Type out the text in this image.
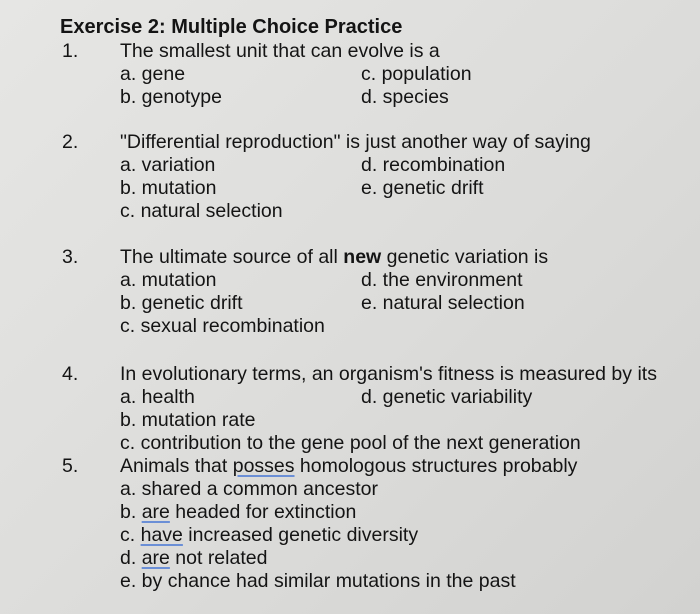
Exercise 2: Multiple Choice Practice
1. The smallest unit that can evolve is a
a. gene
b. genotype
c. population
d. species
2. "Differential reproduction" is just another way of saying
a. variation
b. mutation
c. natural selection
d. recombination
e. genetic drift
3. The ultimate source of all new genetic variation is
a. mutation
b. genetic drift
c. sexual recombination
d. the environment
e. natural selection
4. In evolutionary terms, an organism's fitness is measured by its
a. health	d. genetic variability
b. mutation rate
c. contribution to the gene pool of the next generation
5. Animals that posses homologous structures probably
a. shared a common ancestor
b. are headed for extinction
c. have increased genetic diversity
d. are not related
e. by chance had similar mutations in the past
